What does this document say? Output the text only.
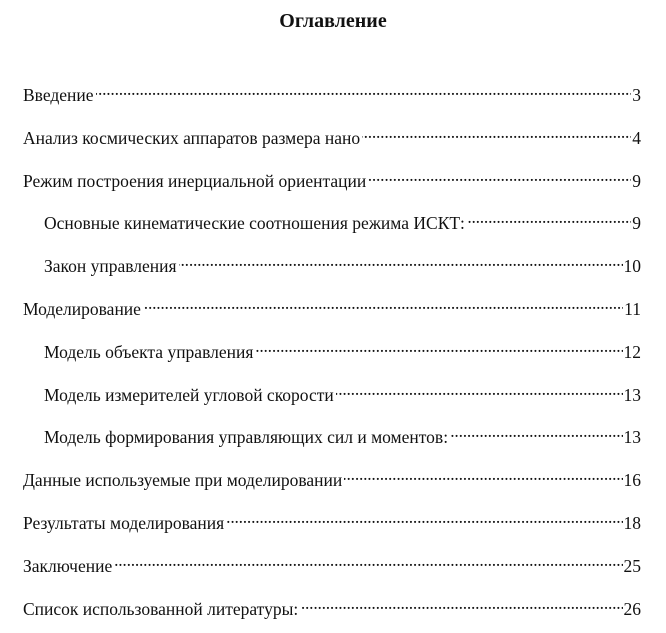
Оглавление
Введение . . .	3
Анализ космических аппаратов размера нано . . .	4
Режим построения инерциальной ориентации . . .	9
Основные кинематические соотношения режима ИСКТ: . . .	9
Закон управления . . .	10
Моделирование . . .	11
Модель объекта управления . . .	12
Модель измерителей угловой скорости . . .	13
Модель формирования управляющих сил и моментов: . . .	13
Данные используемые при моделировании . . .	16
Результаты моделирования . . .	18
Заключение . . .	25
Список использованной литературы: . . .	26
